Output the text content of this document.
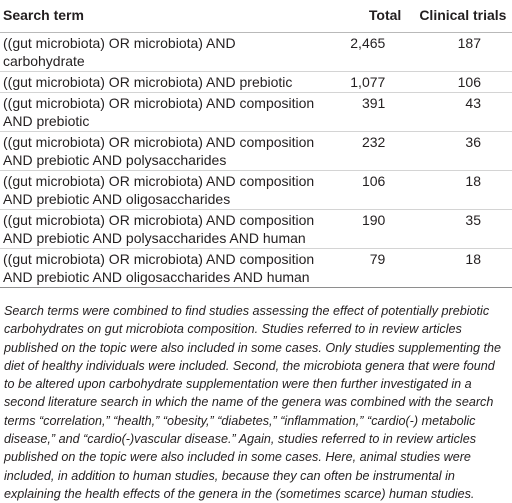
Search term	Total	Clinical trials
((gut microbiota) OR microbiota) AND carbohydrate	2,465	187
((gut microbiota) OR microbiota) AND prebiotic	1,077	106
((gut microbiota) OR microbiota) AND composition AND prebiotic	391	43
((gut microbiota) OR microbiota) AND composition AND prebiotic AND polysaccharides	232	36
((gut microbiota) OR microbiota) AND composition AND prebiotic AND oligosaccharides	106	18
((gut microbiota) OR microbiota) AND composition AND prebiotic AND polysaccharides AND human	190	35
((gut microbiota) OR microbiota) AND composition AND prebiotic AND oligosaccharides AND human	79	18

Search terms were combined to find studies assessing the effect of potentially prebiotic carbohydrates on gut microbiota composition. Studies referred to in review articles published on the topic were also included in some cases. Only studies supplementing the diet of healthy individuals were included. Second, the microbiota genera that were found to be altered upon carbohydrate supplementation were then further investigated in a second literature search in which the name of the genera was combined with the search terms “correlation,” “health,” “obesity,” “diabetes,” “inflammation,” “cardio(-) metabolic disease,” and “cardio(-)vascular disease.” Again, studies referred to in review articles published on the topic were also included in some cases. Here, animal studies were included, in addition to human studies, because they can often be instrumental in explaining the health effects of the genera in the (sometimes scarce) human studies.
